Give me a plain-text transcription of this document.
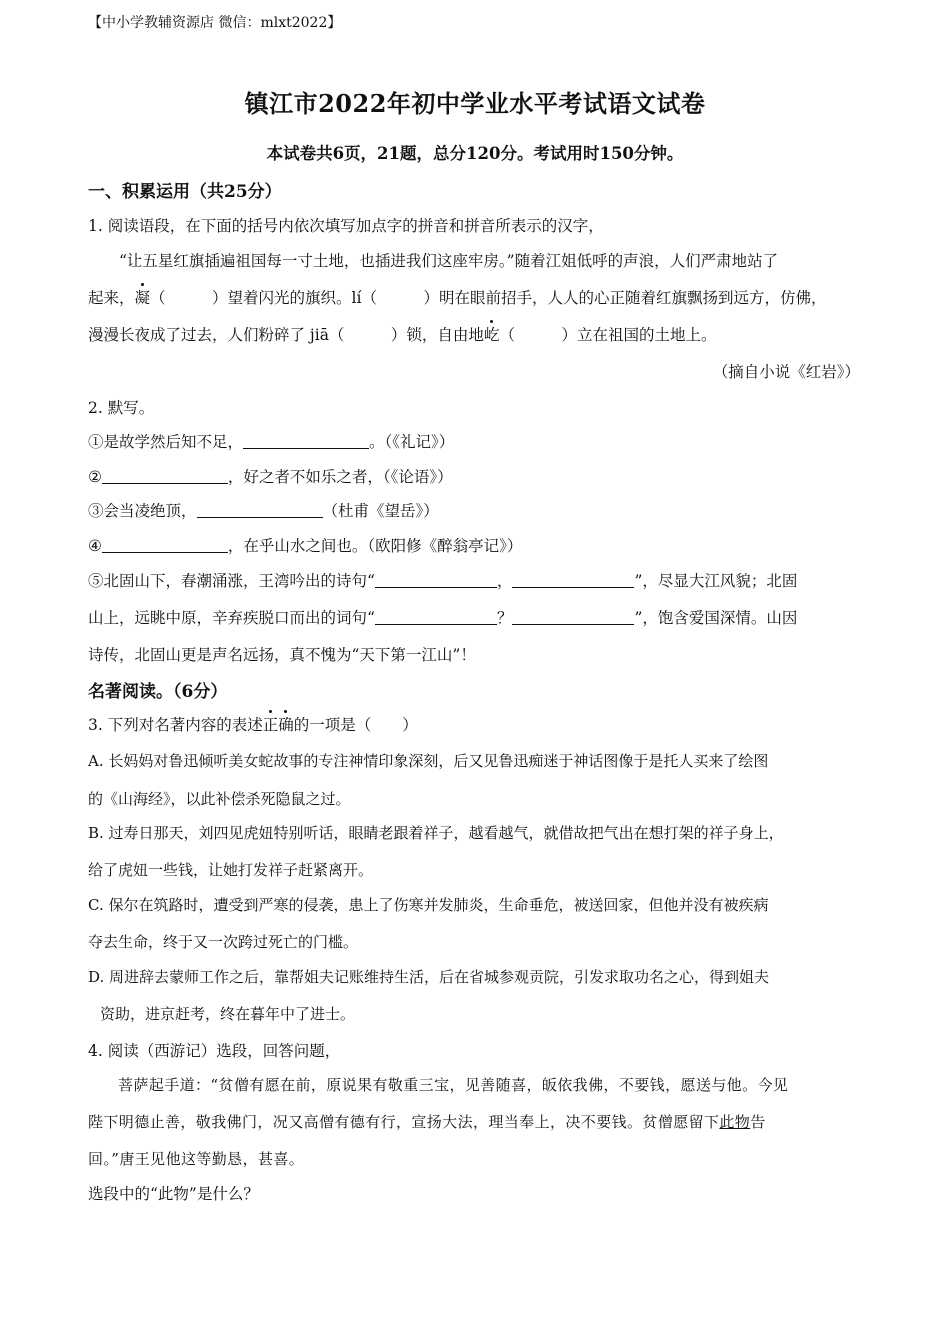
【中小学教辅资源店 微信：mlxt2022】
镇江市2022年初中学业水平考试语文试卷
本试卷共6页，21题，总分120分。考试用时150分钟。
一、积累运用（共25分）
1. 阅读语段，在下面的括号内依次填写加点字的拼音和拼音所表示的汉字，
“让五星红旗插遍祖国每一寸土地，也插进我们这座牢房。”随着江姐低呼的声浪，人们严肃地站了
起来，凝（　　　）望着闪光的旗织。lí（　　　）明在眼前招手，人人的心正随着红旗飘扬到远方，仿佛，
漫漫长夜成了过去，人们粉碎了 jiā（　　　）锁，自由地屹（　　　）立在祖国的土地上。
（摘自小说《红岩》）
2. 默写。
①是故学然后知不足，	。（《礼记》）
②	，好之者不如乐之者，（《论语》）
③会当凌绝顶，	（杜甫《望岳》）
④	，在乎山水之间也。（欧阳修《醉翁亭记》）
⑤北固山下，春潮涌涨，王湾吟出的诗句“	，	”，尽显大江风貌；北固
山上，远眺中原，辛弃疾脱口而出的词句“	？	”，饱含爱国深情。山因
诗传，北固山更是声名远扬，真不愧为“天下第一江山”！
名著阅读。（6分）
3. 下列对名著内容的表述正确的一项是（　　）
A. 长妈妈对鲁迅倾听美女蛇故事的专注神情印象深刻，后又见鲁迅痴迷于神话图像于是托人买来了绘图
的《山海经》，以此补偿杀死隐鼠之过。
B. 过寿日那天，刘四见虎妞特别听话，眼睛老跟着祥子，越看越气，就借故把气出在想打架的祥子身上，
给了虎妞一些钱，让她打发祥子赶紧离开。
C. 保尔在筑路时，遭受到严寒的侵袭，患上了伤寒并发肺炎，生命垂危，被送回家，但他并没有被疾病
夺去生命，终于又一次跨过死亡的门槛。
D. 周进辞去蒙师工作之后，靠帮姐夫记账维持生活，后在省城参观贡院，引发求取功名之心，得到姐夫
资助，进京赶考，终在暮年中了进士。
4. 阅读（西游记）选段，回答问题，
菩萨起手道：“贫僧有愿在前，原说果有敬重三宝，见善随喜，皈依我佛，不要钱，愿送与他。今见
陛下明德止善，敬我佛门，况又高僧有德有行，宣扬大法，理当奉上，决不要钱。贫僧愿留下此物告
回。”唐王见他这等勤恳，甚喜。
选段中的“此物”是什么？
